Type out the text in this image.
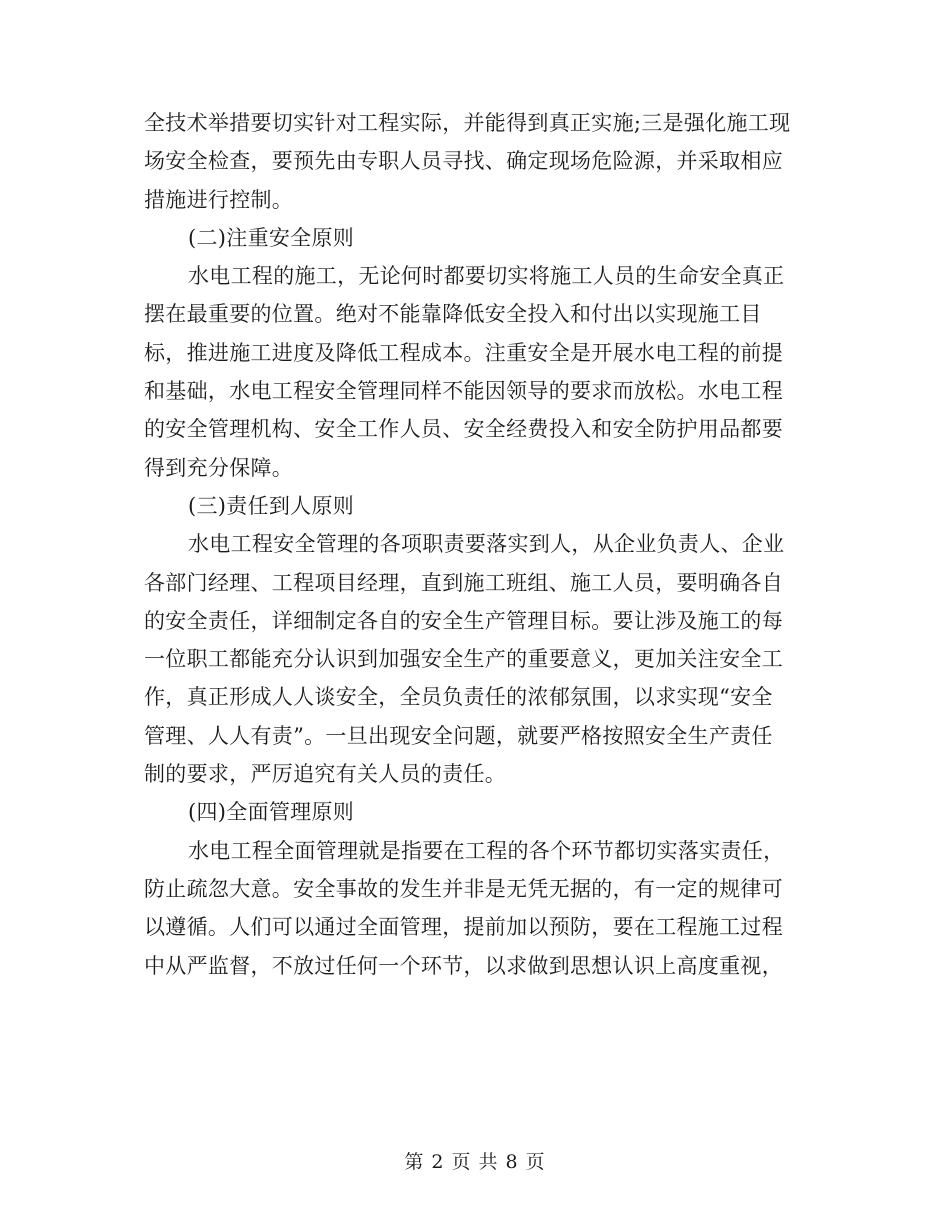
全技术举措要切实针对工程实际，并能得到真正实施;三是强化施工现
场安全检查，要预先由专职人员寻找、确定现场危险源，并采取相应
措施进行控制。
(二)注重安全原则
水电工程的施工，无论何时都要切实将施工人员的生命安全真正
摆在最重要的位置。绝对不能靠降低安全投入和付出以实现施工目
标，推进施工进度及降低工程成本。注重安全是开展水电工程的前提
和基础，水电工程安全管理同样不能因领导的要求而放松。水电工程
的安全管理机构、安全工作人员、安全经费投入和安全防护用品都要
得到充分保障。
(三)责任到人原则
水电工程安全管理的各项职责要落实到人，从企业负责人、企业
各部门经理、工程项目经理，直到施工班组、施工人员，要明确各自
的安全责任，详细制定各自的安全生产管理目标。要让涉及施工的每
一位职工都能充分认识到加强安全生产的重要意义，更加关注安全工
作，真正形成人人谈安全，全员负责任的浓郁氛围，以求实现“安全
管理、人人有责”。一旦出现安全问题，就要严格按照安全生产责任
制的要求，严厉追究有关人员的责任。
(四)全面管理原则
水电工程全面管理就是指要在工程的各个环节都切实落实责任，
防止疏忽大意。安全事故的发生并非是无凭无据的，有一定的规律可
以遵循。人们可以通过全面管理，提前加以预防，要在工程施工过程
中从严监督，不放过任何一个环节，以求做到思想认识上高度重视，

第 2 页 共 8 页
